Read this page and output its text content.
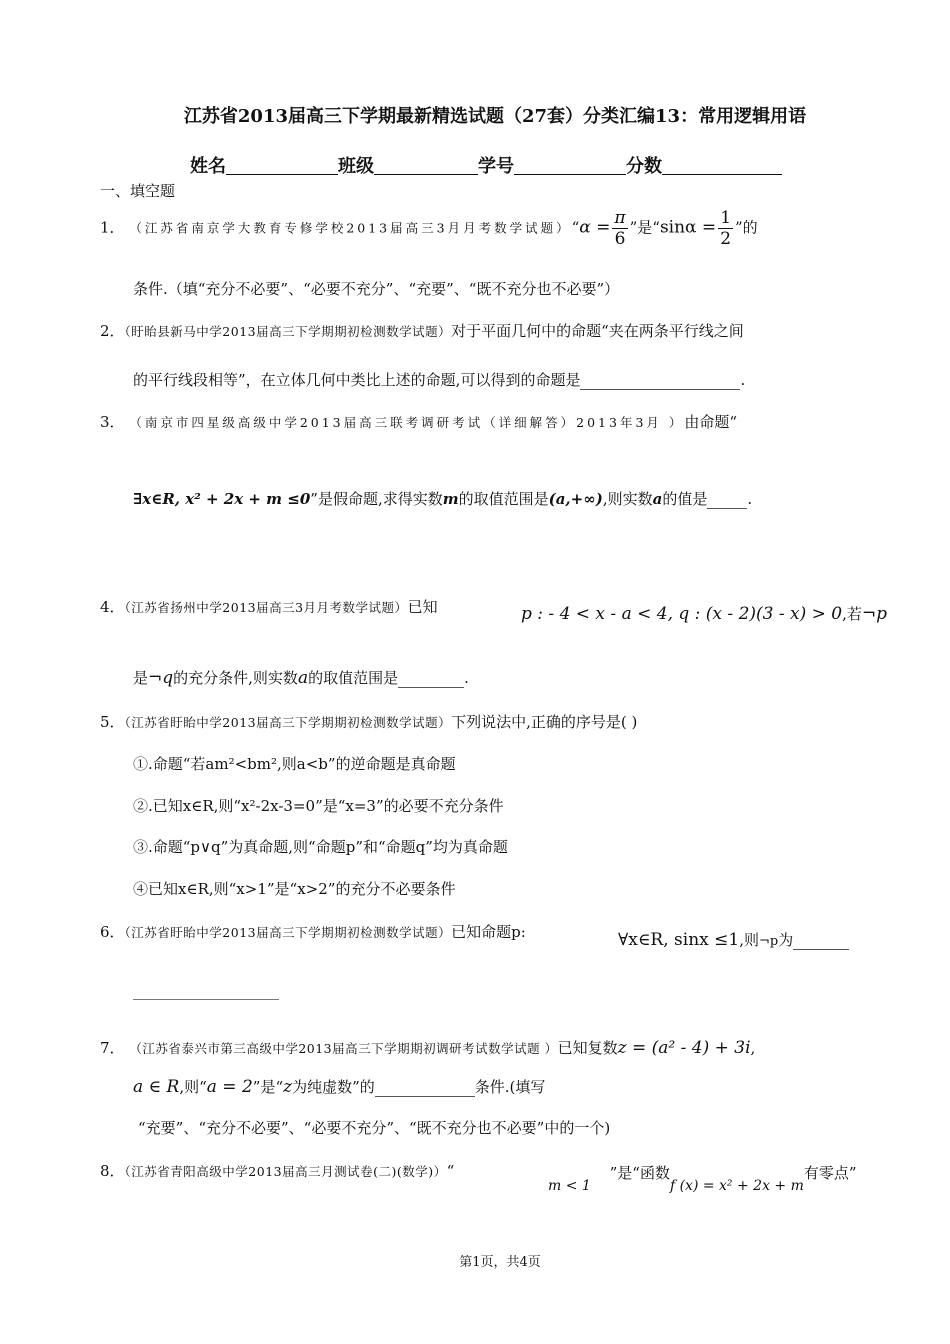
江苏省2013届高三下学期最新精选试题（27套）分类汇编13：常用逻辑用语
姓名	班级	学号	分数
一、填空题
1． （江苏省南京学大教育专修学校2013届高三3月月考数学试题）“α = $\frac{\pi}{6}$ ”是“$\sin\alpha = \frac{1}{2}$ ”的
条件.（填“充分不必要”、“必要不充分”、“充要”、“既不充分也不必要”）
2．（盱眙县新马中学2013届高三下学期期初检测数学试题）对于平面几何中的命题“夹在两条平行线之间
的平行线段相等”，在立体几何中类比上述的命题,可以得到的命题是	.
3． （南京市四星级高级中学2013届高三联考调研考试（详细解答）2013年3月 ）由命题“
∃x∈R, x² + 2x + m ≤0”是假命题,求得实数m的取值范围是(a,+∞),则实数a的值是	.
4．（江苏省扬州中学2013届高三3月月考数学试题）已知	p : - 4 < x - a < 4, q : (x - 2)(3 - x) > 0,若¬p
是¬q的充分条件,则实数a的取值范围是	.
5．（江苏省盱眙中学2013届高三下学期期初检测数学试题）下列说法中,正确的序号是( )
①.命题“若am²<bm²,则a<b”的逆命题是真命题
②.已知x∈R,则“x²-2x-3=0”是“x=3”的必要不充分条件
③.命题“p∨q”为真命题,则“命题p”和“命题q”均为真命题
④已知x∈R,则“x>1”是“x>2”的充分不必要条件
6．（江苏省盱眙中学2013届高三下学期期初检测数学试题）已知命题p:	∀x∈R, sinx ≤1,则¬p为

7． （江苏省泰兴市第三高级中学2013届高三下学期期初调研考试数学试题 ）已知复数z = (a² - 4) + 3i,
a ∈ R,则“a = 2”是“z为纯虚数”的	条件.(填写
“充要”、“充分不必要”、“必要不充分”、“既不充分也不必要”中的一个)
8．（江苏省青阳高级中学2013届高三月测试卷(二)(数学)）“
m < 1 ”是“函数f (x) = x² + 2x + m有零点”
第1页，共4页
